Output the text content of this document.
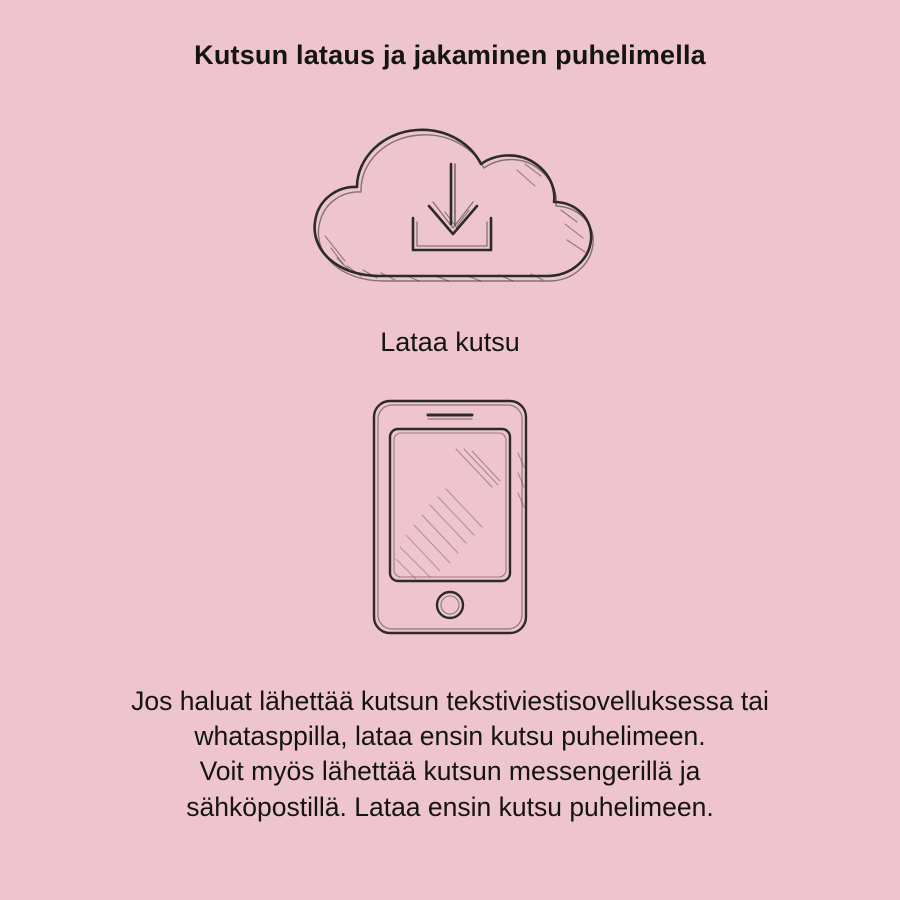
Kutsun lataus ja jakaminen puhelimella
Lataa kutsu
Jos haluat lähettää kutsun tekstiviestisovelluksessa tai
whatasppilla, lataa ensin kutsu puhelimeen.
Voit myös lähettää kutsun messengerillä ja
sähköpostillä. Lataa ensin kutsu puhelimeen.
